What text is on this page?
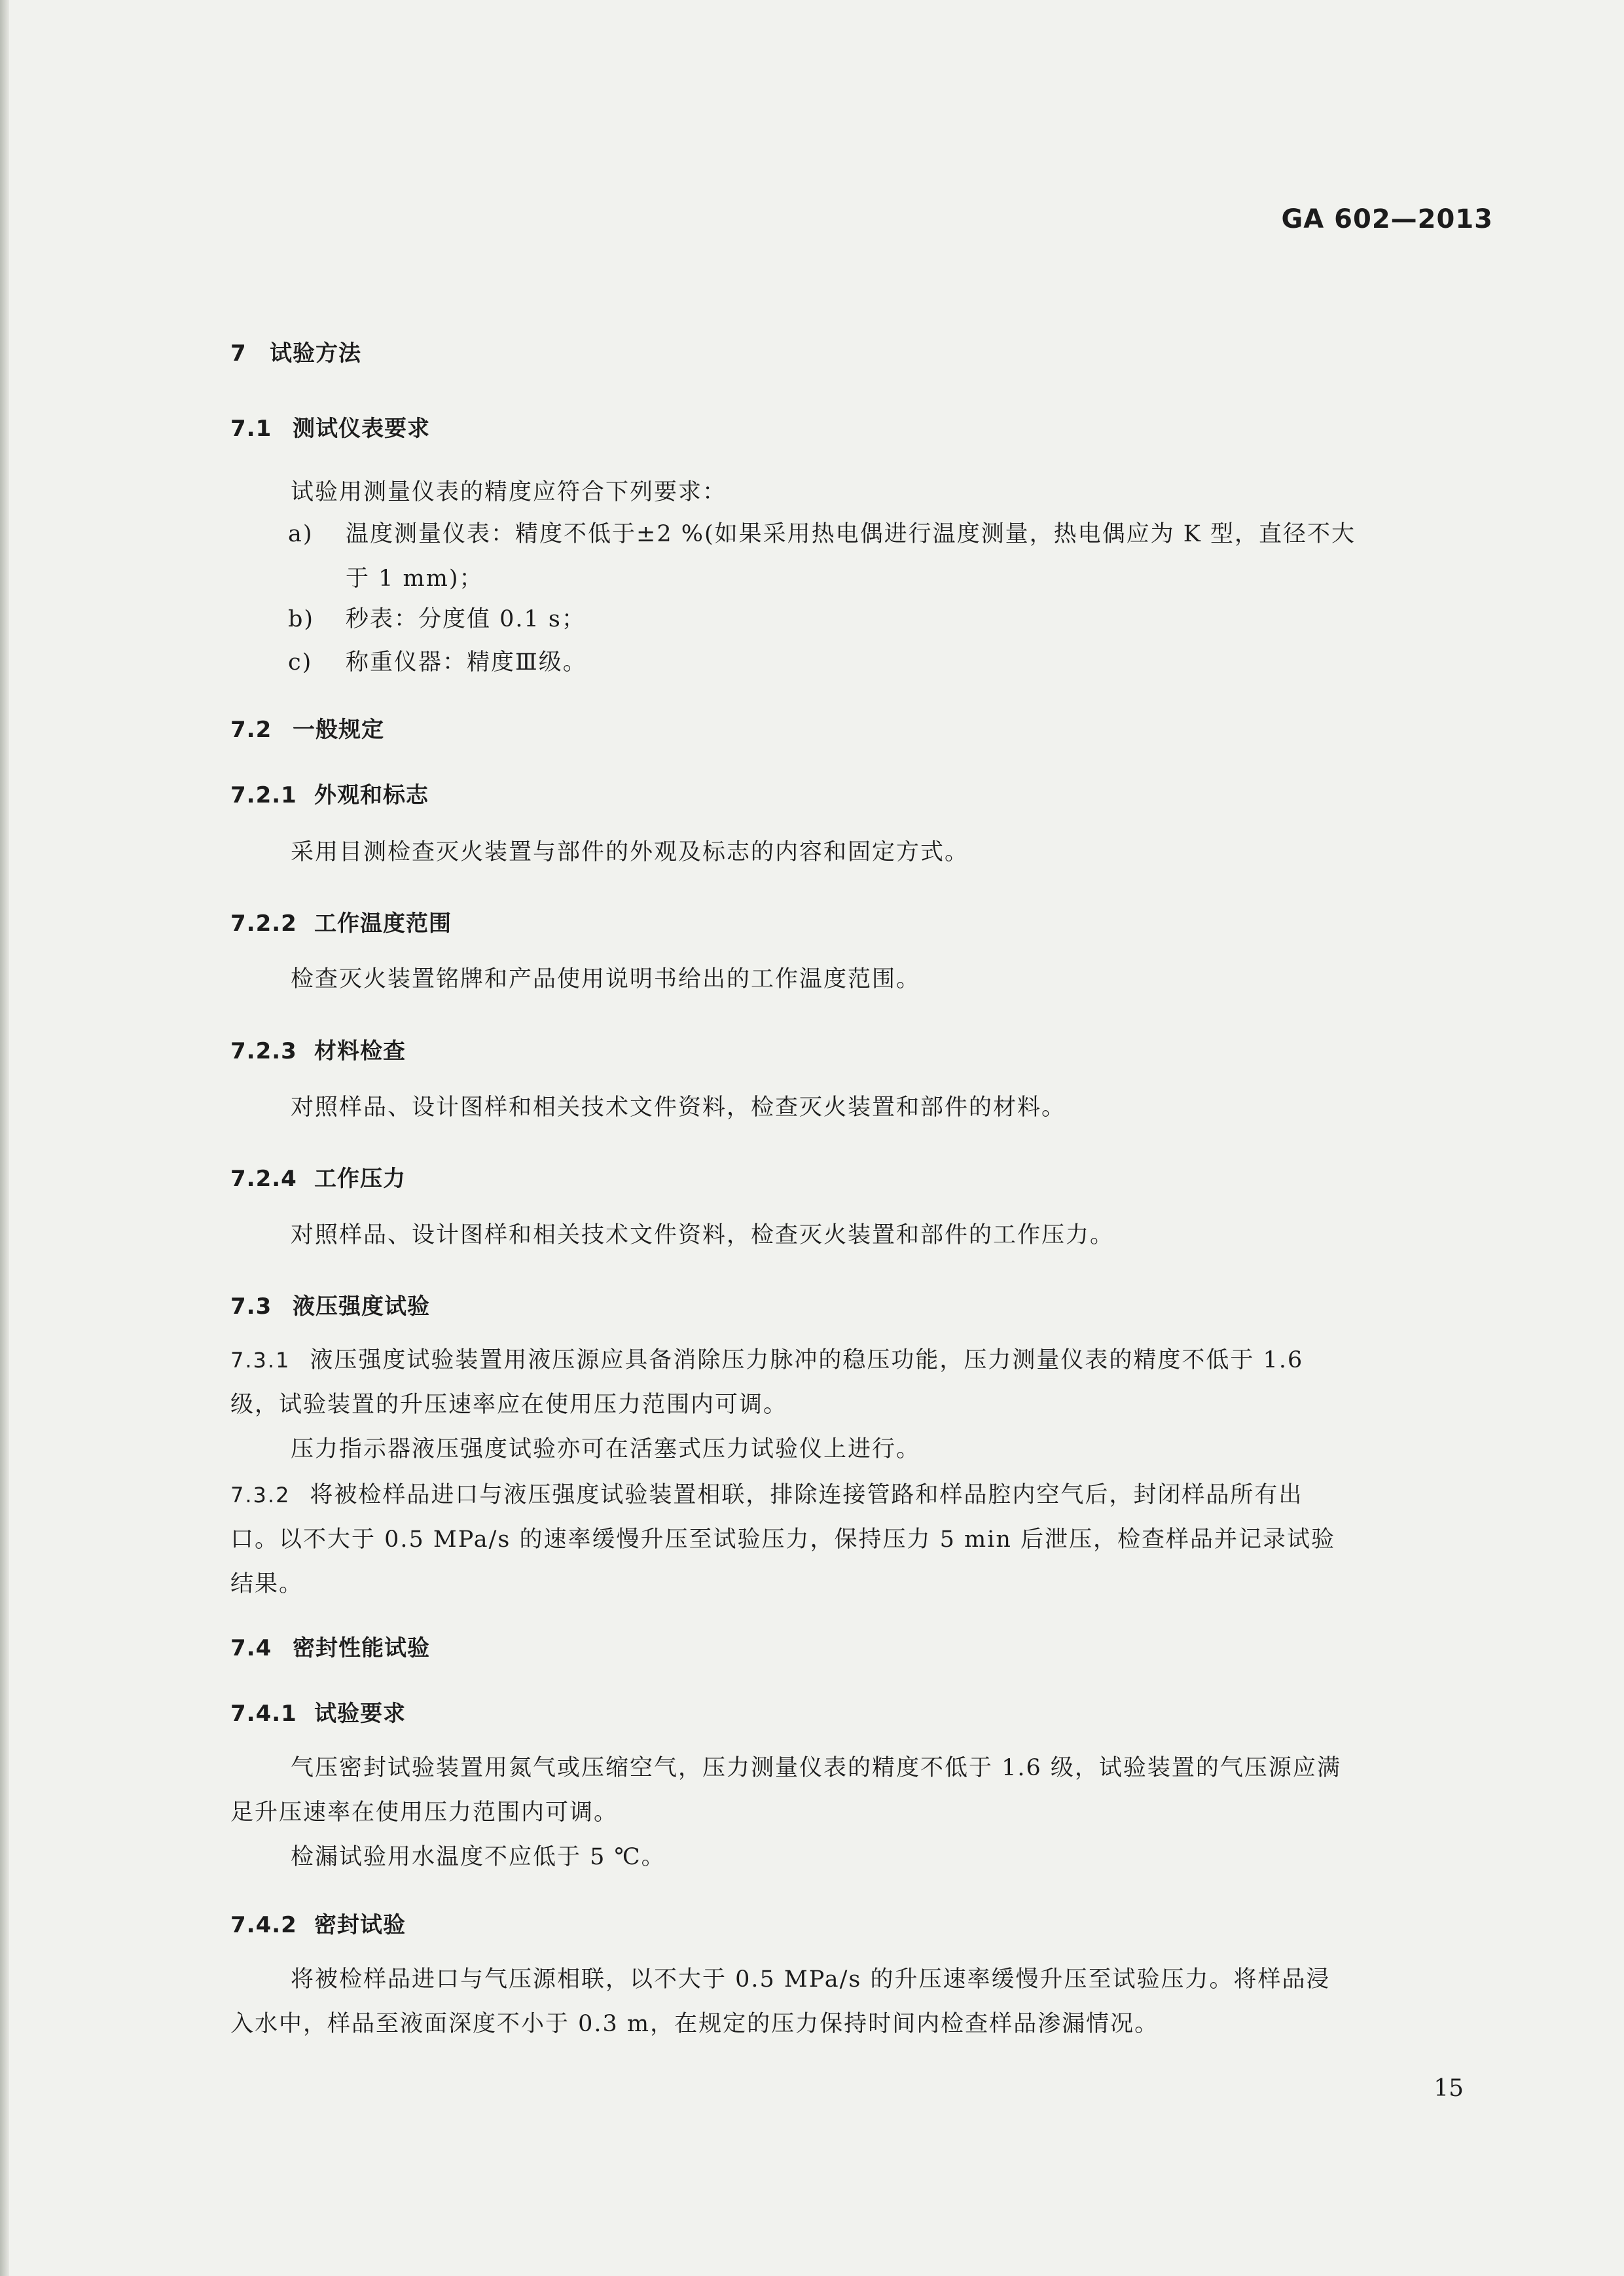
GA 602—2013
7 试验方法
7.1 测试仪表要求
试验用测量仪表的精度应符合下列要求：
a)	温度测量仪表：精度不低于±2 %(如果采用热电偶进行温度测量，热电偶应为 K 型，直径不大
于 1 mm)；
b)	秒表：分度值 0.1 s；
c)	称重仪器：精度Ⅲ级。
7.2 一般规定
7.2.1 外观和标志
采用目测检查灭火装置与部件的外观及标志的内容和固定方式。
7.2.2 工作温度范围
检查灭火装置铭牌和产品使用说明书给出的工作温度范围。
7.2.3 材料检查
对照样品、设计图样和相关技术文件资料，检查灭火装置和部件的材料。
7.2.4 工作压力
对照样品、设计图样和相关技术文件资料，检查灭火装置和部件的工作压力。
7.3 液压强度试验
7.3.1 液压强度试验装置用液压源应具备消除压力脉冲的稳压功能，压力测量仪表的精度不低于 1.6
级，试验装置的升压速率应在使用压力范围内可调。
压力指示器液压强度试验亦可在活塞式压力试验仪上进行。
7.3.2 将被检样品进口与液压强度试验装置相联，排除连接管路和样品腔内空气后，封闭样品所有出
口。以不大于 0.5 MPa/s 的速率缓慢升压至试验压力，保持压力 5 min 后泄压，检查样品并记录试验
结果。
7.4 密封性能试验
7.4.1 试验要求
气压密封试验装置用氮气或压缩空气，压力测量仪表的精度不低于 1.6 级，试验装置的气压源应满
足升压速率在使用压力范围内可调。
检漏试验用水温度不应低于 5 ℃。
7.4.2 密封试验
将被检样品进口与气压源相联，以不大于 0.5 MPa/s 的升压速率缓慢升压至试验压力。将样品浸
入水中，样品至液面深度不小于 0.3 m，在规定的压力保持时间内检查样品渗漏情况。
15
